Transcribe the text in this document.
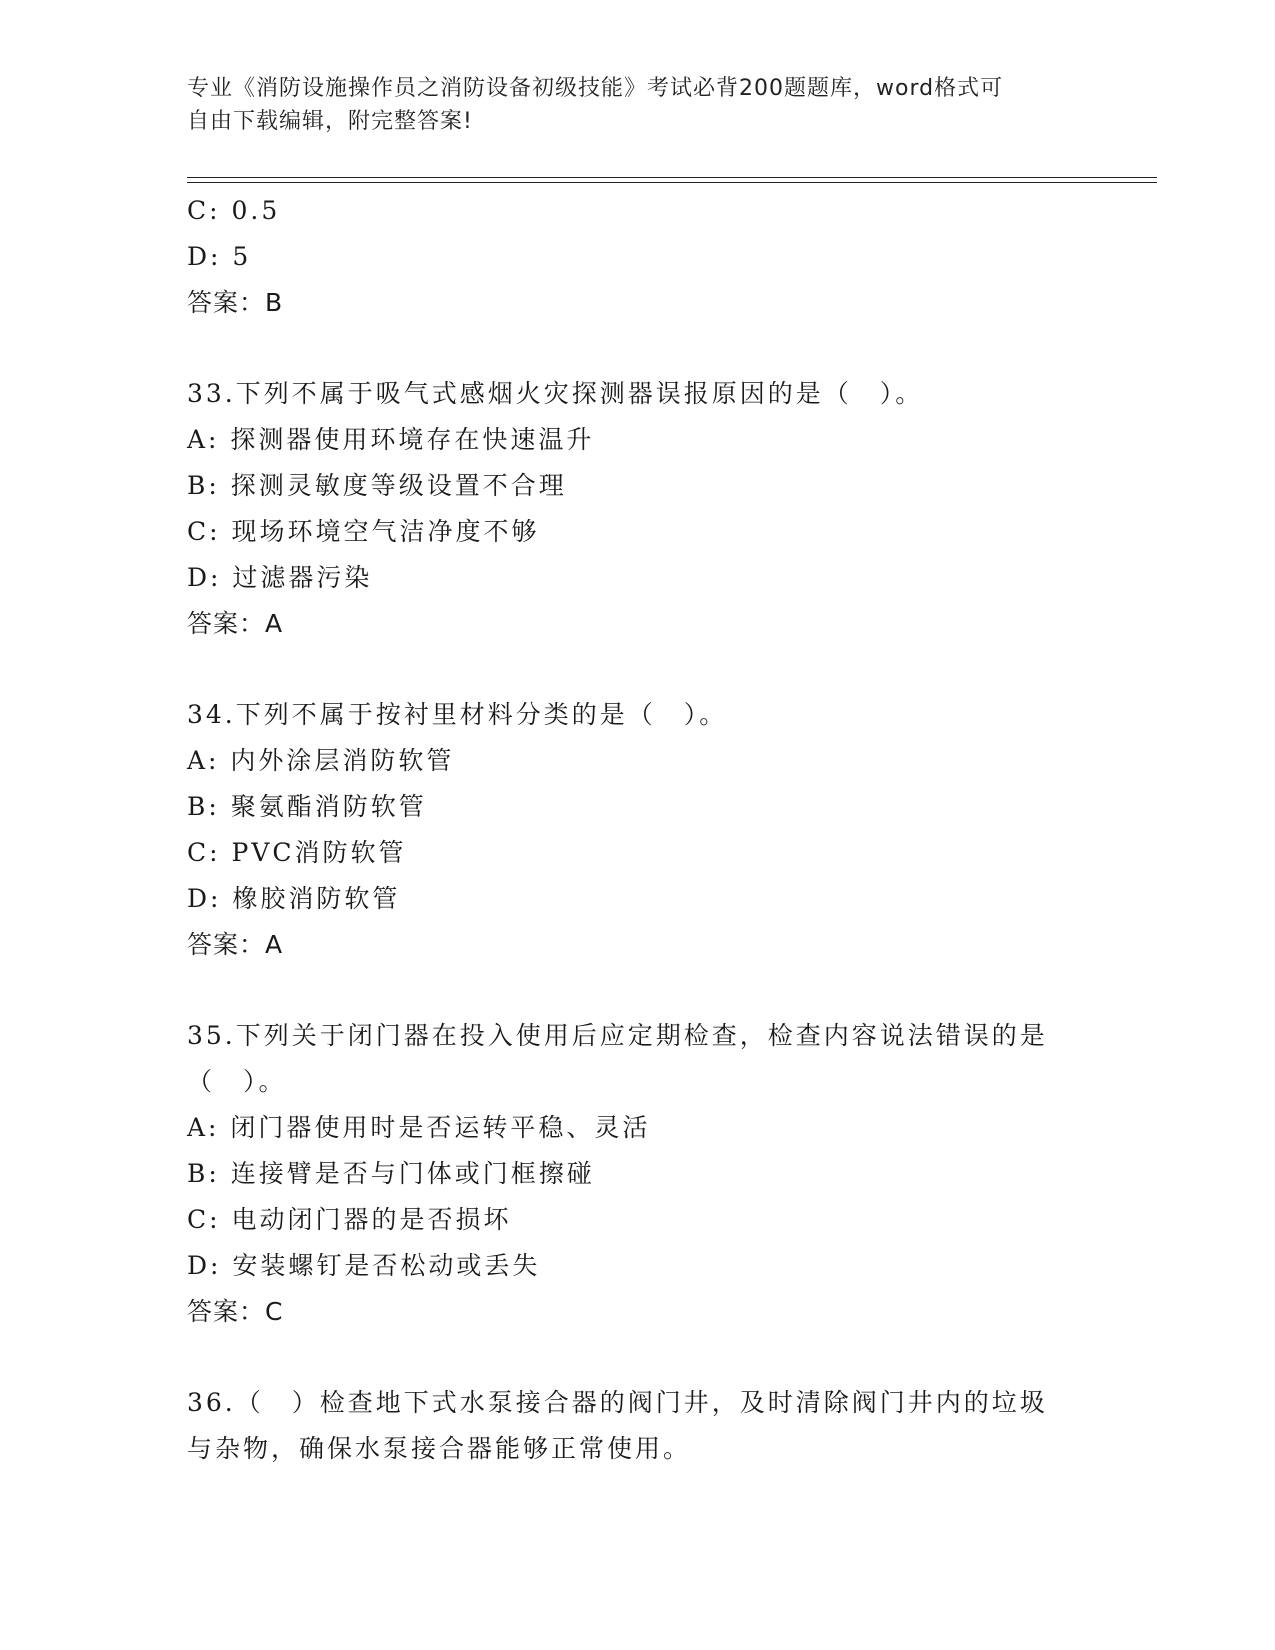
专业《消防设施操作员之消防设备初级技能》考试必背200题题库，word格式可
自由下载编辑，附完整答案!
C: 0.5
D: 5
答案：B
33.下列不属于吸气式感烟火灾探测器误报原因的是（　）。
A: 探测器使用环境存在快速温升
B: 探测灵敏度等级设置不合理
C: 现场环境空气洁净度不够
D: 过滤器污染
答案：A
34.下列不属于按衬里材料分类的是（　）。
A: 内外涂层消防软管
B: 聚氨酯消防软管
C: PVC消防软管
D: 橡胶消防软管
答案：A
35.下列关于闭门器在投入使用后应定期检查，检查内容说法错误的是
（　）。
A: 闭门器使用时是否运转平稳、灵活
B: 连接臂是否与门体或门框擦碰
C: 电动闭门器的是否损坏
D: 安装螺钉是否松动或丢失
答案：C
36.（　）检查地下式水泵接合器的阀门井，及时清除阀门井内的垃圾
与杂物，确保水泵接合器能够正常使用。
